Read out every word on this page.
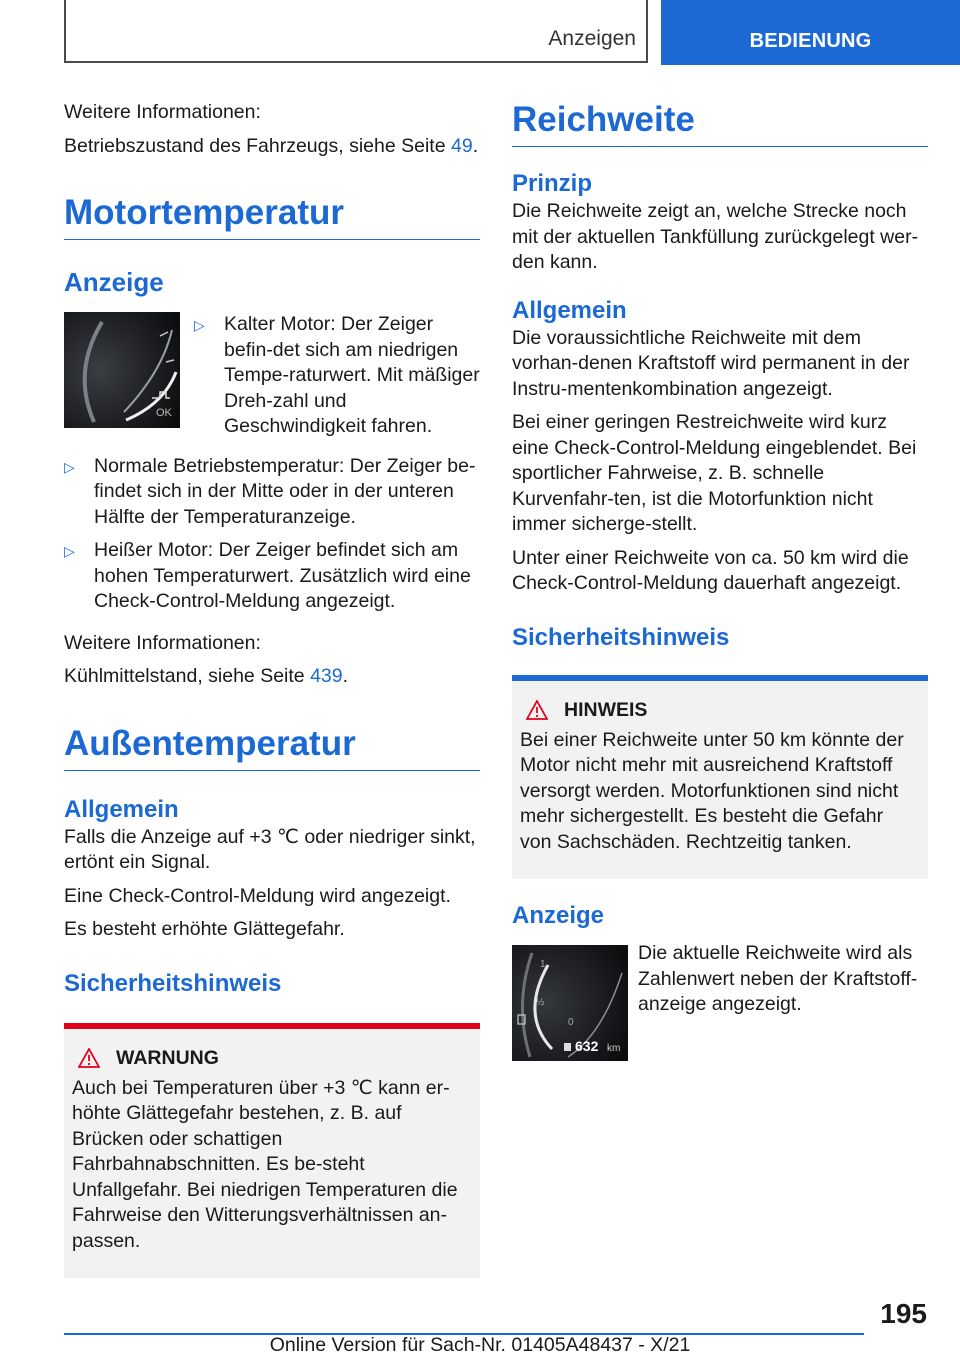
Anzeigen	BEDIENUNG

Weitere Informationen:

Betriebszustand des Fahrzeugs, siehe Seite 49.

Motortemperatur
Anzeige
OK
▷ Kalter Motor: Der Zeiger befin-det sich am niedrigen Tempe-raturwert. Mit mäßiger Dreh-zahl und Geschwindigkeit fahren.
▷ Normale Betriebstemperatur: Der Zeiger be-findet sich in der Mitte oder in der unteren Hälfte der Temperaturanzeige.
▷ Heißer Motor: Der Zeiger befindet sich am hohen Temperaturwert. Zusätzlich wird eine Check-Control-Meldung angezeigt.

Weitere Informationen:

Kühlmittelstand, siehe Seite 439.

Außentemperatur
Allgemein

Falls die Anzeige auf +3 ℃ oder niedriger sinkt, ertönt ein Signal.

Eine Check-Control-Meldung wird angezeigt.

Es besteht erhöhte Glättegefahr.

Sicherheitshinweis
WARNUNG

Auch bei Temperaturen über +3 ℃ kann er-höhte Glättegefahr bestehen, z. B. auf Brücken oder schattigen Fahrbahnabschnitten. Es be-steht Unfallgefahr. Bei niedrigen Temperaturen die Fahrweise den Witterungsverhältnissen an-passen.

Reichweite
Prinzip

Die Reichweite zeigt an, welche Strecke noch mit der aktuellen Tankfüllung zurückgelegt wer-den kann.

Allgemein

Die voraussichtliche Reichweite mit dem vorhan-denen Kraftstoff wird permanent in der Instru-mentenkombination angezeigt.

Bei einer geringen Restreichweite wird kurz eine Check-Control-Meldung eingeblendet. Bei sportlicher Fahrweise, z. B. schnelle Kurvenfahr-ten, ist die Motorfunktion nicht immer sicherge-stellt.

Unter einer Reichweite von ca. 50 km wird die Check-Control-Meldung dauerhaft angezeigt.

Sicherheitshinweis
HINWEIS

Bei einer Reichweite unter 50 km könnte der Motor nicht mehr mit ausreichend Kraftstoff versorgt werden. Motorfunktionen sind nicht mehr sichergestellt. Es besteht die Gefahr von Sachschäden. Rechtzeitig tanken.

Anzeige
1
½
0
632 km

Die aktuelle Reichweite wird als Zahlenwert neben der Kraftstoff-anzeige angezeigt.

195
Online Version für Sach-Nr. 01405A48437 - X/21
